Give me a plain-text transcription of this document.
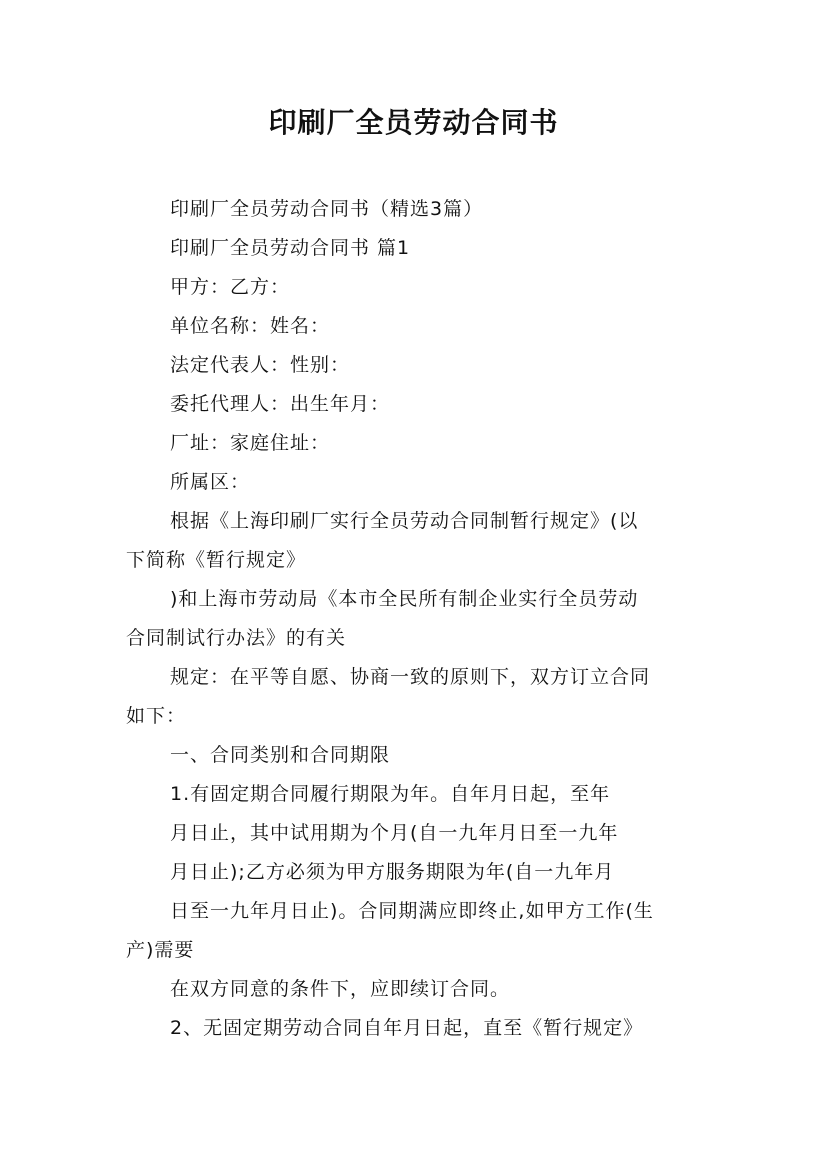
印刷厂全员劳动合同书
印刷厂全员劳动合同书（精选3篇）
印刷厂全员劳动合同书 篇1
甲方：乙方：
单位名称：姓名：
法定代表人：性别：
委托代理人：出生年月：
厂址：家庭住址：
所属区：
根据《上海印刷厂实行全员劳动合同制暂行规定》(以
下简称《暂行规定》
)和上海市劳动局《本市全民所有制企业实行全员劳动
合同制试行办法》的有关
规定：在平等自愿、协商一致的原则下，双方订立合同
如下：
一、合同类别和合同期限
1.有固定期合同履行期限为年。自年月日起，至年
月日止，其中试用期为个月(自一九年月日至一九年
月日止);乙方必须为甲方服务期限为年(自一九年月
日至一九年月日止)。合同期满应即终止,如甲方工作(生
产)需要
在双方同意的条件下，应即续订合同。
2、无固定期劳动合同自年月日起，直至《暂行规定》
